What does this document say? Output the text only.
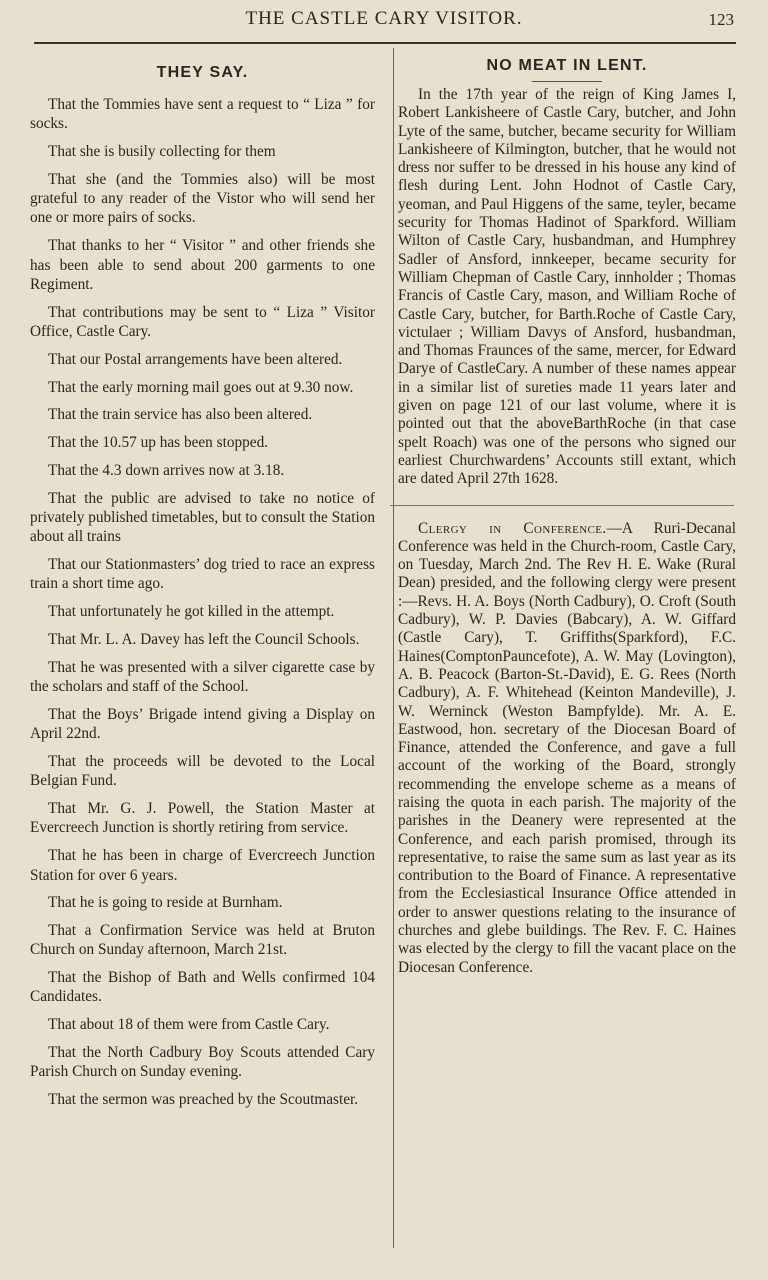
THE CASTLE CARY VISITOR.	123
THEY SAY.

That the Tommies have sent a request to “ Liza ” for socks.

That she is busily collecting for them

That she (and the Tommies also) will be most grateful to any reader of the Vistor who will send her one or more pairs of socks.

That thanks to her “ Visitor ” and other friends she has been able to send about 200 garments to one Regiment.

That contributions may be sent to “ Liza ” Visitor Office, Castle Cary.

That our Postal arrangements have been altered.

That the early morning mail goes out at 9.30 now.

That the train service has also been altered.

That the 10.57 up has been stopped.

That the 4.3 down arrives now at 3.18.

That the public are advised to take no notice of privately published timetables, but to consult the Station about all trains

That our Stationmasters’ dog tried to race an express train a short time ago.

That unfortunately he got killed in the attempt.

That Mr. L. A. Davey has left the Council Schools.

That he was presented with a silver cigarette case by the scholars and staff of the School.

That the Boys’ Brigade intend giving a Display on April 22nd.

That the proceeds will be devoted to the Local Belgian Fund.

That Mr. G. J. Powell, the Station Master at Evercreech Junction is shortly retiring from service.

That he has been in charge of Evercreech Junction Station for over 6 years.

That he is going to reside at Burnham.

That a Confirmation Service was held at Bruton Church on Sunday afternoon, March 21st.

That the Bishop of Bath and Wells confirmed 104 Candidates.

That about 18 of them were from Castle Cary.

That the North Cadbury Boy Scouts attended Cary Parish Church on Sunday evening.

That the sermon was preached by the Scoutmaster.

NO MEAT IN LENT.

In the 17th year of the reign of King James I, Robert Lankisheere of Castle Cary, butcher, and John Lyte of the same, butcher, became security for William Lankisheere of Kilmington, butcher, that he would not dress nor suffer to be dressed in his house any kind of flesh during Lent. John Hodnot of Castle Cary, yeoman, and Paul Higgens of the same, teyler, became security for Thomas Hadinot of Sparkford. William Wilton of Castle Cary, husbandman, and Humphrey Sadler of Ansford, innkeeper, became security for William Chepman of Castle Cary, innholder ; Thomas Francis of Castle Cary, mason, and William Roche of Castle Cary, butcher, for Barth.Roche of Castle Cary, victulaer ; William Davys of Ansford, husbandman, and Thomas Fraunces of the same, mercer, for Edward Darye of CastleCary. A number of these names appear in a similar list of sureties made 11 years later and given on page 121 of our last volume, where it is pointed out that the aboveBarthRoche (in that case spelt Roach) was one of the persons who signed our earliest Churchwardens’ Accounts still extant, which are dated April 27th 1628.

Clergy in Conference.—A Ruri-Decanal Conference was held in the Church-room, Castle Cary, on Tuesday, March 2nd. The Rev H. E. Wake (Rural Dean) presided, and the following clergy were present :—Revs. H. A. Boys (North Cadbury), O. Croft (South Cadbury), W. P. Davies (Babcary), A. W. Giffard (Castle Cary), T. Griffiths(Sparkford), F.C. Haines(ComptonPauncefote), A. W. May (Lovington), A. B. Peacock (Barton-St.-David), E. G. Rees (North Cadbury), A. F. Whitehead (Keinton Mandeville), J. W. Werninck (Weston Bampfylde). Mr. A. E. Eastwood, hon. secretary of the Diocesan Board of Finance, attended the Conference, and gave a full account of the working of the Board, strongly recommending the envelope scheme as a means of raising the quota in each parish. The majority of the parishes in the Deanery were represented at the Conference, and each parish promised, through its representative, to raise the same sum as last year as its contribution to the Board of Finance. A representative from the Ecclesiastical Insurance Office attended in order to answer questions relating to the insurance of churches and glebe buildings. The Rev. F. C. Haines was elected by the clergy to fill the vacant place on the Diocesan Conference.
